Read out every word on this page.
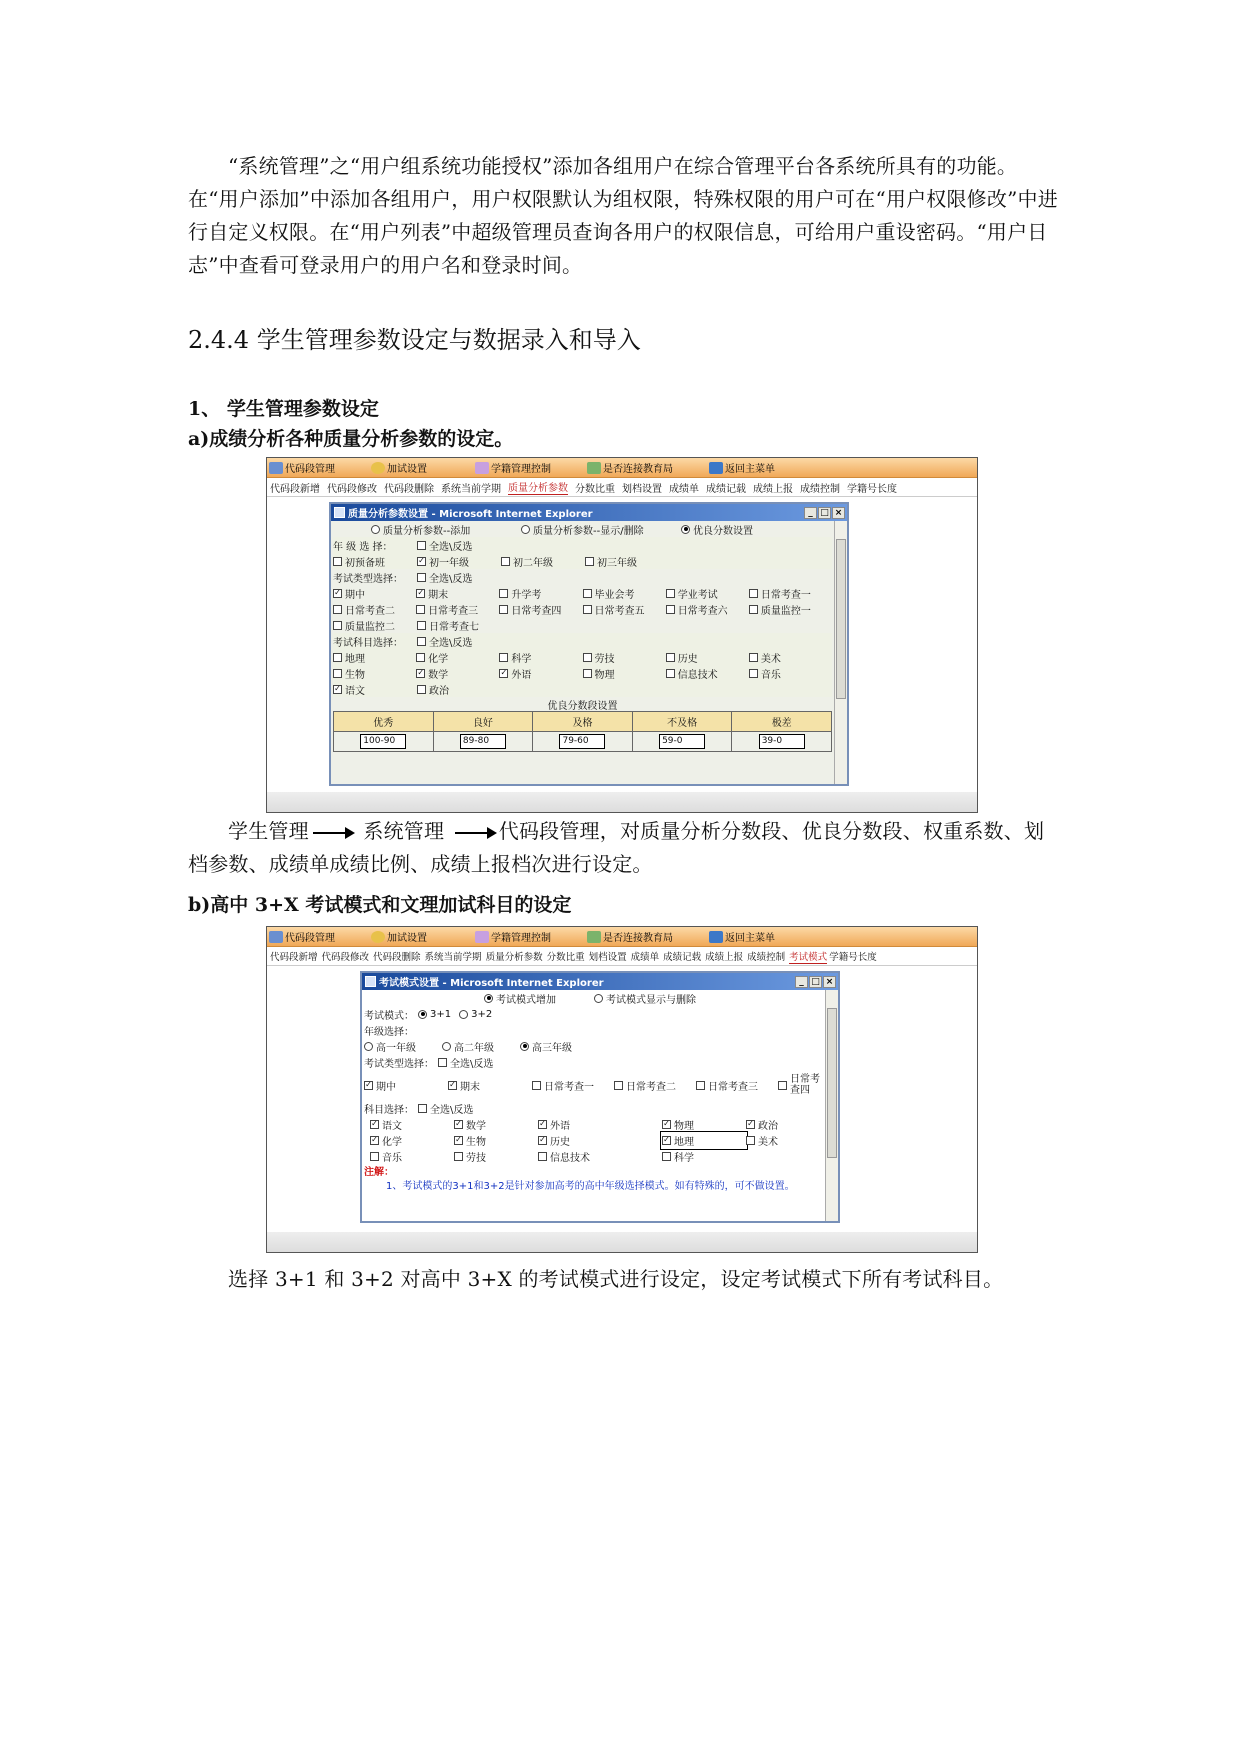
“系统管理”之“用户组系统功能授权”添加各组用户在综合管理平台各系统所具有的功能。在“用户添加”中添加各组用户，用户权限默认为组权限，特殊权限的用户可在“用户权限修改”中进行自定义权限。在“用户列表”中超级管理员查询各用户的权限信息，可给用户重设密码。“用户日志”中查看可登录用户的用户名和登录时间。

2.4.4 学生管理参数设定与数据录入和导入
1、 学生管理参数设定
a)成绩分析各种质量分析参数的设定。
代码段管理	加试设置	学籍管理控制	是否连接教育局	返回主菜单
代码段新增 代码段修改 代码段删除 系统当前学期 质量分析参数 分数比重 划档设置 成绩单 成绩记载 成绩上报 成绩控制 学籍号长度
质量分析参数设置 - Microsoft Internet Explorer	_ □ ×
质量分析参数--添加	质量分析参数--显示/删除	优良分数设置
年 级 选 择：	全选\反选
初预备班	✓ 初一年级	初二年级	初三年级
考试类型选择：	全选\反选
✓ 期中	✓ 期末	升学考	毕业会考	学业考试	日常考查一
日常考查二	日常考查三	日常考查四	日常考查五	日常考查六	质量监控一
质量监控二	日常考查七
考试科目选择：	全选\反选
地理	化学	科学	劳技	历史	美术
生物	✓ 数学	✓ 外语	物理	信息技术	音乐
✓ 语文	政治
优良分数段设置
优秀	良好	及格	不及格	极差
100-90	89-80	79-60	59-0	39-0

学生管理	系统管理	代码段管理，对质量分析分数段、优良分数段、权重系数、划档参数、成绩单成绩比例、成绩上报档次进行设定。

b)高中 3+X 考试模式和文理加试科目的设定
代码段管理	加试设置	学籍管理控制	是否连接教育局	返回主菜单
代码段新增 代码段修改 代码段删除 系统当前学期 质量分析参数 分数比重 划档设置 成绩单 成绩记载 成绩上报 成绩控制 考试模式 学籍号长度
考试模式设置 - Microsoft Internet Explorer	_ □ ×
考试模式增加	考试模式显示与删除
考试模式： 3+1 3+2
年级选择：
高一年级	高二年级	高三年级
考试类型选择： 全选\反选
✓ 期中	✓ 期末	日常考查一	日常考查二	日常考查三
日常考查四
科目选择： 全选\反选
✓ 语文	✓ 数学	✓ 外语	✓ 物理	✓ 政治
✓ 化学	✓ 生物	✓ 历史	✓ 地理	美术
音乐	劳技	信息技术	科学
注解：
1、考试模式的3+1和3+2是针对参加高考的高中年级选择模式。如有特殊的，可不做设置。

选择 3+1 和 3+2 对高中 3+X 的考试模式进行设定，设定考试模式下所有考试科目。
